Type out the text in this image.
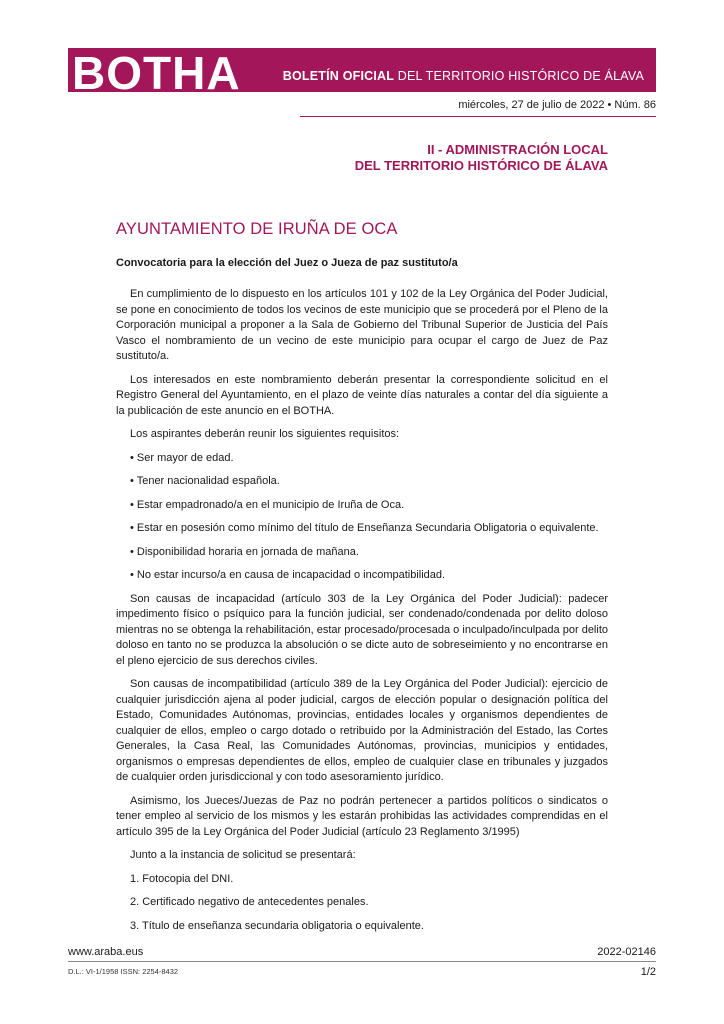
BOTHA	BOLETÍN OFICIAL DEL TERRITORIO HISTÓRICO DE ÁLAVA
miércoles, 27 de julio de 2022 • Núm. 86
II - ADMINISTRACIÓN LOCAL
DEL TERRITORIO HISTÓRICO DE ÁLAVA
AYUNTAMIENTO DE IRUÑA DE OCA
Convocatoria para la elección del Juez o Jueza de paz sustituto/a

En cumplimiento de lo dispuesto en los artículos 101 y 102 de la Ley Orgánica del Poder Judicial, se pone en conocimiento de todos los vecinos de este municipio que se procederá por el Pleno de la Corporación municipal a proponer a la Sala de Gobierno del Tribunal Superior de Justicia del País Vasco el nombramiento de un vecino de este municipio para ocupar el cargo de Juez de Paz sustituto/a.

Los interesados en este nombramiento deberán presentar la correspondiente solicitud en el Registro General del Ayuntamiento, en el plazo de veinte días naturales a contar del día siguiente a la publicación de este anuncio en el BOTHA.

Los aspirantes deberán reunir los siguientes requisitos:

• Ser mayor de edad.

• Tener nacionalidad española.

• Estar empadronado/a en el municipio de Iruña de Oca.

• Estar en posesión como mínimo del título de Enseñanza Secundaria Obligatoria o equivalente.

• Disponibilidad horaria en jornada de mañana.

• No estar incurso/a en causa de incapacidad o incompatibilidad.

Son causas de incapacidad (artículo 303 de la Ley Orgánica del Poder Judicial): padecer impedimento físico o psíquico para la función judicial, ser condenado/condenada por delito doloso mientras no se obtenga la rehabilitación, estar procesado/procesada o inculpado/inculpada por delito doloso en tanto no se produzca la absolución o se dicte auto de sobreseimiento y no encontrarse en el pleno ejercicio de sus derechos civiles.

Son causas de incompatibilidad (artículo 389 de la Ley Orgánica del Poder Judicial): ejercicio de cualquier jurisdicción ajena al poder judicial, cargos de elección popular o designación política del Estado, Comunidades Autónomas, provincias, entidades locales y organismos dependientes de cualquier de ellos, empleo o cargo dotado o retribuido por la Administración del Estado, las Cortes Generales, la Casa Real, las Comunidades Autónomas, provincias, municipios y entidades, organismos o empresas dependientes de ellos, empleo de cualquier clase en tribunales y juzgados de cualquier orden jurisdiccional y con todo asesoramiento jurídico.

Asimismo, los Jueces/Juezas de Paz no podrán pertenecer a partidos políticos o sindicatos o tener empleo al servicio de los mismos y les estarán prohibidas las actividades comprendidas en el artículo 395 de la Ley Orgánica del Poder Judicial (artículo 23 Reglamento 3/1995)

Junto a la instancia de solicitud se presentará:

1. Fotocopia del DNI.

2. Certificado negativo de antecedentes penales.

3. Título de enseñanza secundaria obligatoria o equivalente.

www.araba.eus	2022-02146
D.L.: VI-1/1958 ISSN: 2254-8432	1/2
